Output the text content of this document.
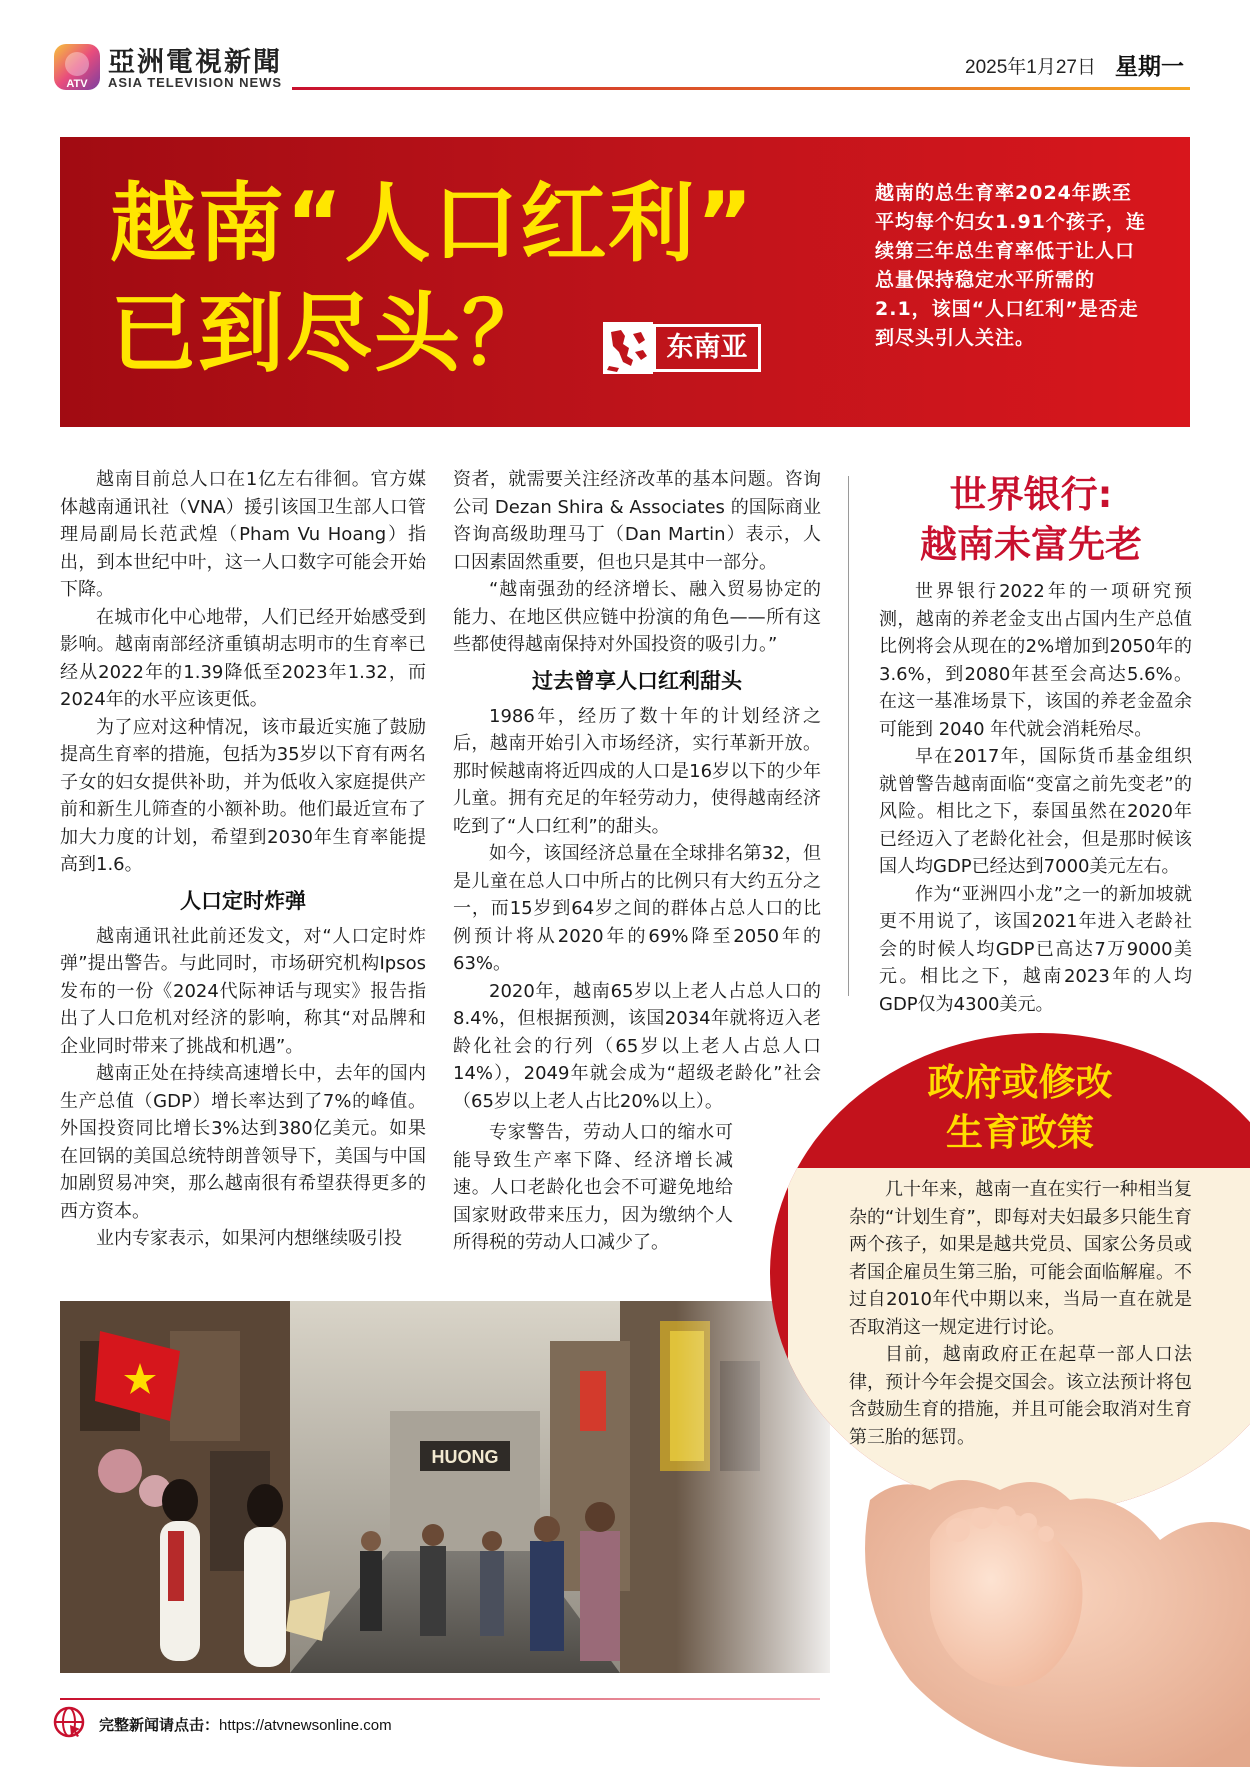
ATV
亞洲電視新聞
ASIA TELEVISION NEWS
2025年1月27日 星期一
越南“人口红利”
已到尽头？	东南亚
越南的总生育率2024年跌至平均每个妇女1.91个孩子，连续第三年总生育率低于让人口总量保持稳定水平所需的2.1，该国“人口红利”是否走到尽头引人关注。

越南目前总人口在1亿左右徘徊。官方媒体越南通讯社（VNA）援引该国卫生部人口管理局副局长范武煌（Pham Vu Hoang）指出，到本世纪中叶，这一人口数字可能会开始下降。

在城市化中心地带，人们已经开始感受到影响。越南南部经济重镇胡志明市的生育率已经从2022年的1.39降低至2023年1.32，而2024年的水平应该更低。

为了应对这种情况，该市最近实施了鼓励提高生育率的措施，包括为35岁以下育有两名子女的妇女提供补助，并为低收入家庭提供产前和新生儿筛查的小额补助。他们最近宣布了加大力度的计划，希望到2030年生育率能提高到1.6。

人口定时炸弹

越南通讯社此前还发文，对“人口定时炸弹”提出警告。与此同时，市场研究机构Ipsos发布的一份《2024代际神话与现实》报告指出了人口危机对经济的影响，称其“对品牌和企业同时带来了挑战和机遇”。

越南正处在持续高速增长中，去年的国内生产总值（GDP）增长率达到了7%的峰值。外国投资同比增长3%达到380亿美元。如果在回锅的美国总统特朗普领导下，美国与中国加剧贸易冲突，那么越南很有希望获得更多的西方资本。

业内专家表示，如果河内想继续吸引投

资者，就需要关注经济改革的基本问题。咨询公司 Dezan Shira & Associates 的国际商业咨询高级助理马丁（Dan Martin）表示，人口因素固然重要，但也只是其中一部分。

“越南强劲的经济增长、融入贸易协定的能力、在地区供应链中扮演的角色——所有这些都使得越南保持对外国投资的吸引力。”

过去曾享人口红利甜头

1986年，经历了数十年的计划经济之后，越南开始引入市场经济，实行革新开放。那时候越南将近四成的人口是16岁以下的少年儿童。拥有充足的年轻劳动力，使得越南经济吃到了“人口红利”的甜头。

如今，该国经济总量在全球排名第32，但是儿童在总人口中所占的比例只有大约五分之一，而15岁到64岁之间的群体占总人口的比例预计将从2020年的69%降至2050年的63%。

2020年，越南65岁以上老人占总人口的8.4%，但根据预测，该国2034年就将迈入老龄化社会的行列（65岁以上老人占总人口14%），2049年就会成为“超级老龄化”社会（65岁以上老人占比20%以上）。

专家警告，劳动人口的缩水可能导致生产率下降、经济增长减速。人口老龄化也会不可避免地给国家财政带来压力，因为缴纳个人所得税的劳动人口减少了。

世界银行:
越南未富先老

世界银行2022年的一项研究预测，越南的养老金支出占国内生产总值比例将会从现在的2%增加到2050年的3.6%，到2080年甚至会高达5.6%。在这一基准场景下，该国的养老金盈余可能到 2040 年代就会消耗殆尽。

早在2017年，国际货币基金组织就曾警告越南面临“变富之前先变老”的风险。相比之下，泰国虽然在2020年已经迈入了老龄化社会，但是那时候该国人均GDP已经达到7000美元左右。

作为“亚洲四小龙”之一的新加坡就更不用说了，该国2021年进入老龄社会的时候人均GDP已高达7万9000美元。相比之下，越南2023年的人均GDP仅为4300美元。

政府或修改
生育政策

几十年来，越南一直在实行一种相当复杂的“计划生育”，即每对夫妇最多只能生育两个孩子，如果是越共党员、国家公务员或者国企雇员生第三胎，可能会面临解雇。不过自2010年代中期以来，当局一直在就是否取消这一规定进行讨论。

目前，越南政府正在起草一部人口法律，预计今年会提交国会。该立法预计将包含鼓励生育的措施，并且可能会取消对生育第三胎的惩罚。

完整新闻请点击：https://atvnewsonline.com
